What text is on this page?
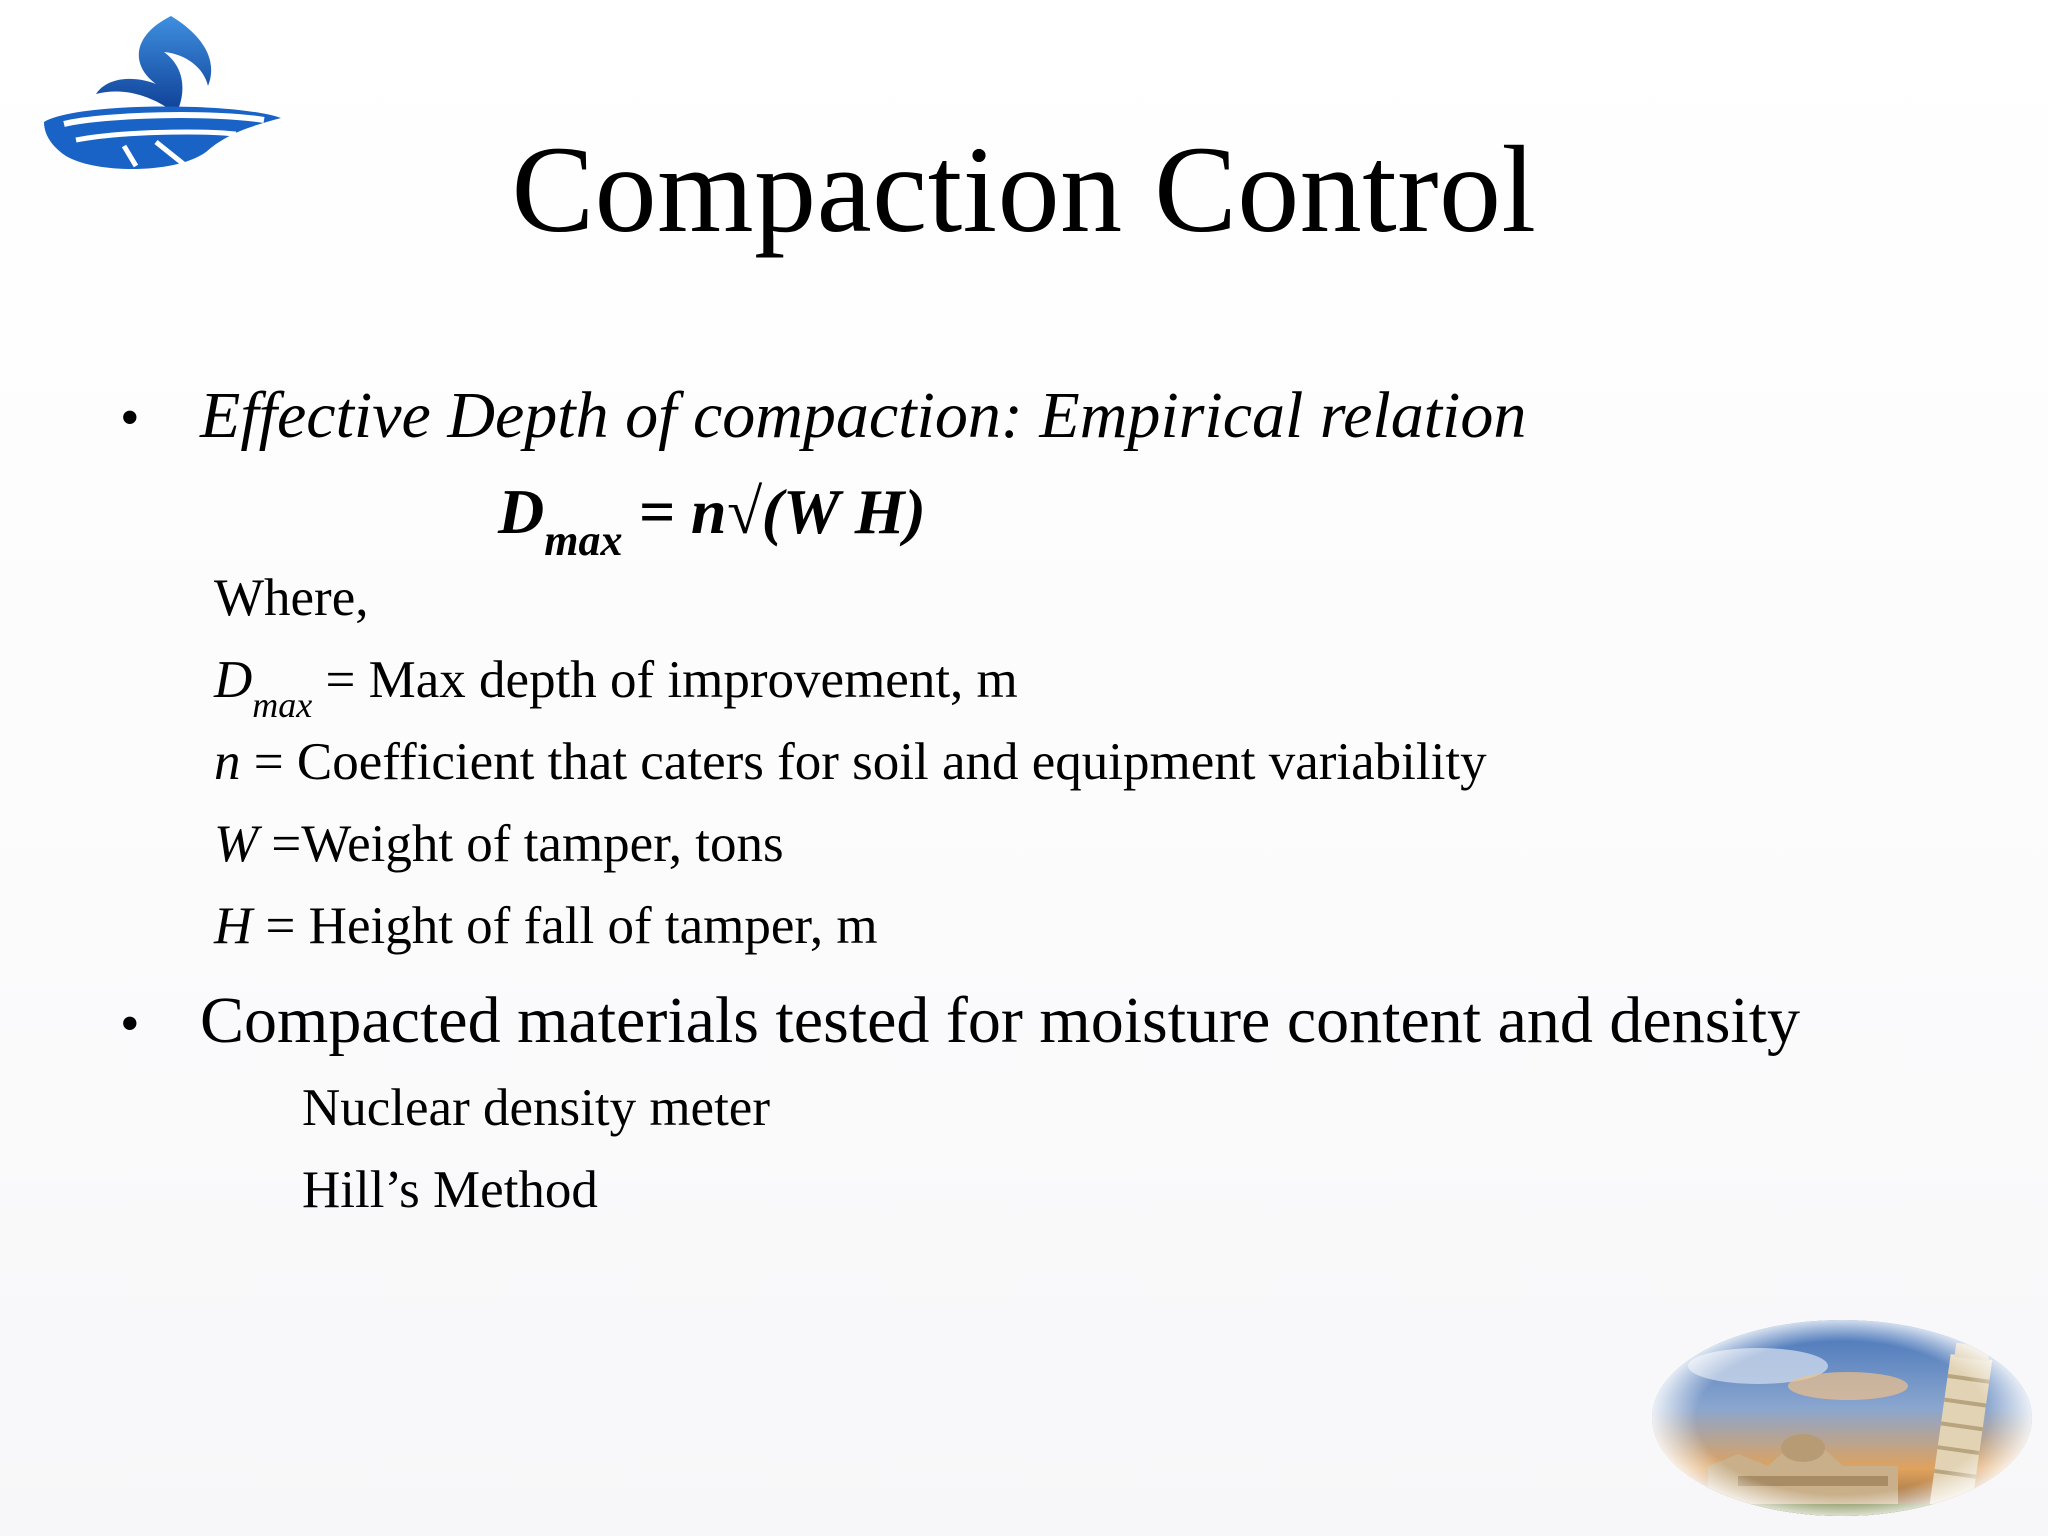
Compaction Control
• Effective Depth of compaction: Empirical relation
$D_{max} = n√(W$ H)
Where,
$D_{max}$ = Max depth of improvement, m
n = Coefficient that caters for soil and equipment variability
W =Weight of tamper, tons
H = Height of fall of tamper, m
• Compacted materials tested for moisture content and density
Nuclear density meter
Hill’s Method
